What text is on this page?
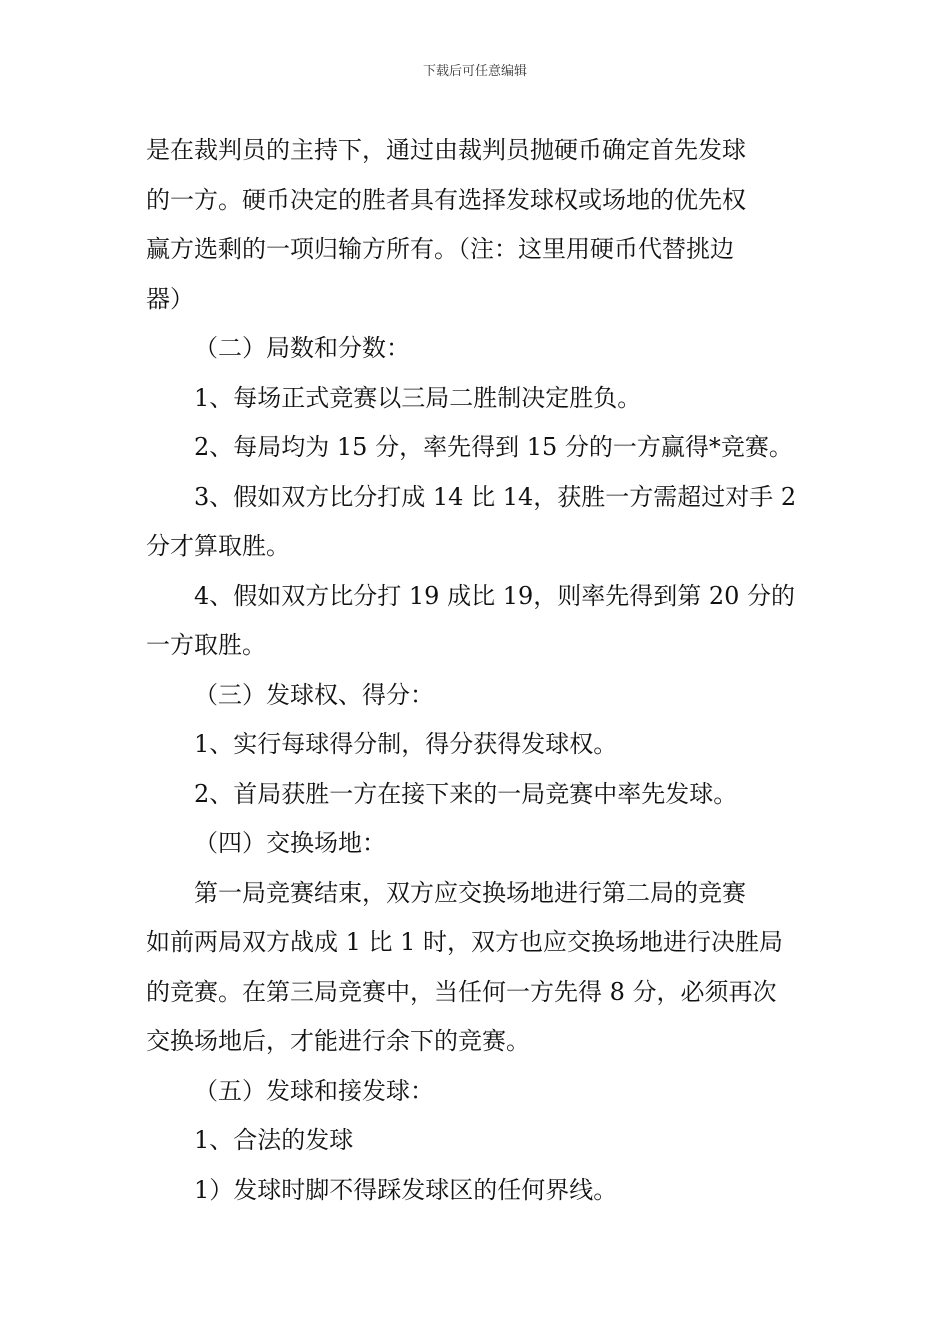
下载后可任意编辑
是在裁判员的主持下，通过由裁判员抛硬币确定首先发球
的一方。硬币决定的胜者具有选择发球权或场地的优先权
赢方选剩的一项归输方所有。（注：这里用硬币代替挑边
器）
（二）局数和分数：
1、每场正式竞赛以三局二胜制决定胜负。
2、每局均为 15 分，率先得到 15 分的一方赢得*竞赛。
3、假如双方比分打成 14 比 14，获胜一方需超过对手 2
分才算取胜。
4、假如双方比分打 19 成比 19，则率先得到第 20 分的
一方取胜。
（三）发球权、得分：
1、实行每球得分制，得分获得发球权。
2、首局获胜一方在接下来的一局竞赛中率先发球。
（四）交换场地：
第一局竞赛结束，双方应交换场地进行第二局的竞赛
如前两局双方战成 1 比 1 时，双方也应交换场地进行决胜局
的竞赛。在第三局竞赛中，当任何一方先得 8 分，必须再次
交换场地后，才能进行余下的竞赛。
（五）发球和接发球：
1、合法的发球
1）发球时脚不得踩发球区的任何界线。
